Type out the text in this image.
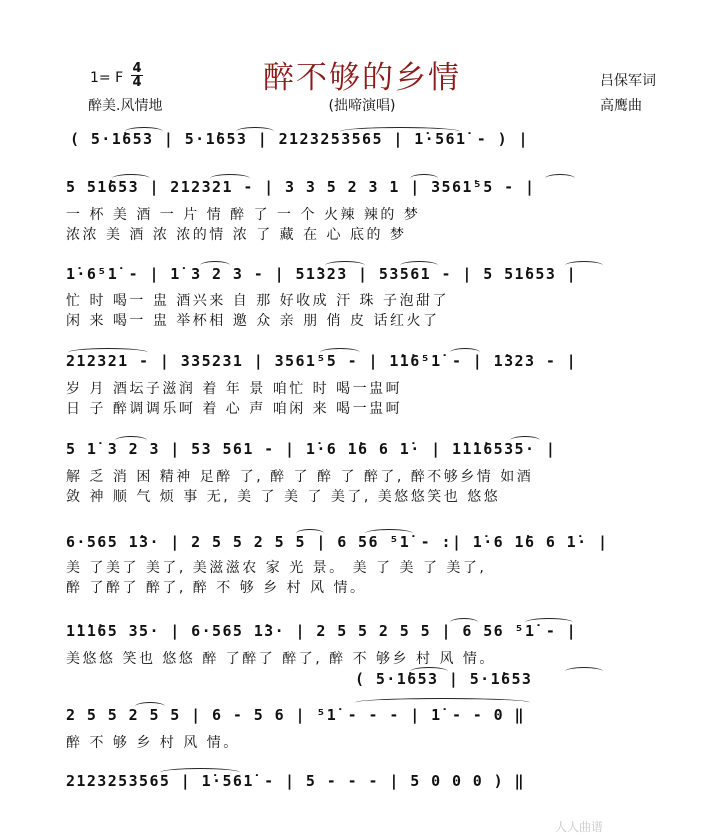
1= F
4
4	醉不够的乡情
醉美.风情地	(拙啼演唱)
吕保军词
高鹰曲
( 5·1̇653 | 5·1̇653 | 2123253565 | 1̇·561̇ - ) |
5 51̇653 | 212321 - | 3 3 5 2 3 1 | 3561̇⁵5 - |
一 杯 美 酒 一 片 情 醉 了 一 个 火辣 辣的 梦
浓浓 美 酒 浓 浓的情 浓 了 藏 在 心 底的 梦
1̇·6⁵1̇ - | 1̇ 3 2 3 - | 51̇323 | 53561 - | 5 51̇653 |
忙 时 喝一 盅 酒兴来 自 那 好收成 汗 珠 子泡甜了
闲 来 喝一 盅 举杯相 邀 众 亲 朋 俏 皮 话红火了
212321 - | 335231 | 3561⁵5 - | 1̇1̇6⁵1̇ - | 1̇323 - |
岁 月 酒坛子滋润 着 年 景 咱忙 时 喝一盅呵
日 子 醉调调乐呵 着 心 声 咱闲 来 喝一盅呵
5 1̇ 3 2 3 | 53 561 - | 1̇·6 1̇6 6 1̇· | 1̇1̇1̇6535· |
解 乏 消 困 精神 足醉 了, 醉 了 醉 了 醉了, 醉不够乡情 如酒
敛 神 顺 气 烦 事 无, 美 了 美 了 美了, 美悠悠笑也 悠悠
6·565 1̇3· | 2 5 5 2 5 5 | 6 56 ⁵1̇ - :| 1̇·6 1̇6 6 1̇· |
美 了美了 美了, 美滋滋农 家 光 景。 美 了 美 了 美了,
醉 了醉了 醉了, 醉 不 够 乡 村 风 情。
1̇1̇1̇65 35· | 6·565 1̇3· | 2 5 5 2 5 5 | 6 56 ⁵1̇ - |
美悠悠 笑也 悠悠 醉 了醉了 醉了, 醉 不 够乡 村 风 情。
( 5·1̇653 | 5·1̇653
2 5 5 2 5 5 | 6 - 5 6 | ⁵1̇ - - - | 1̇ - - 0 ‖
醉 不 够 乡 村 风 情。
2123253565 | 1̇·561̇ - | 5 - - - | 5 0 0 0 ) ‖
人人曲谱
